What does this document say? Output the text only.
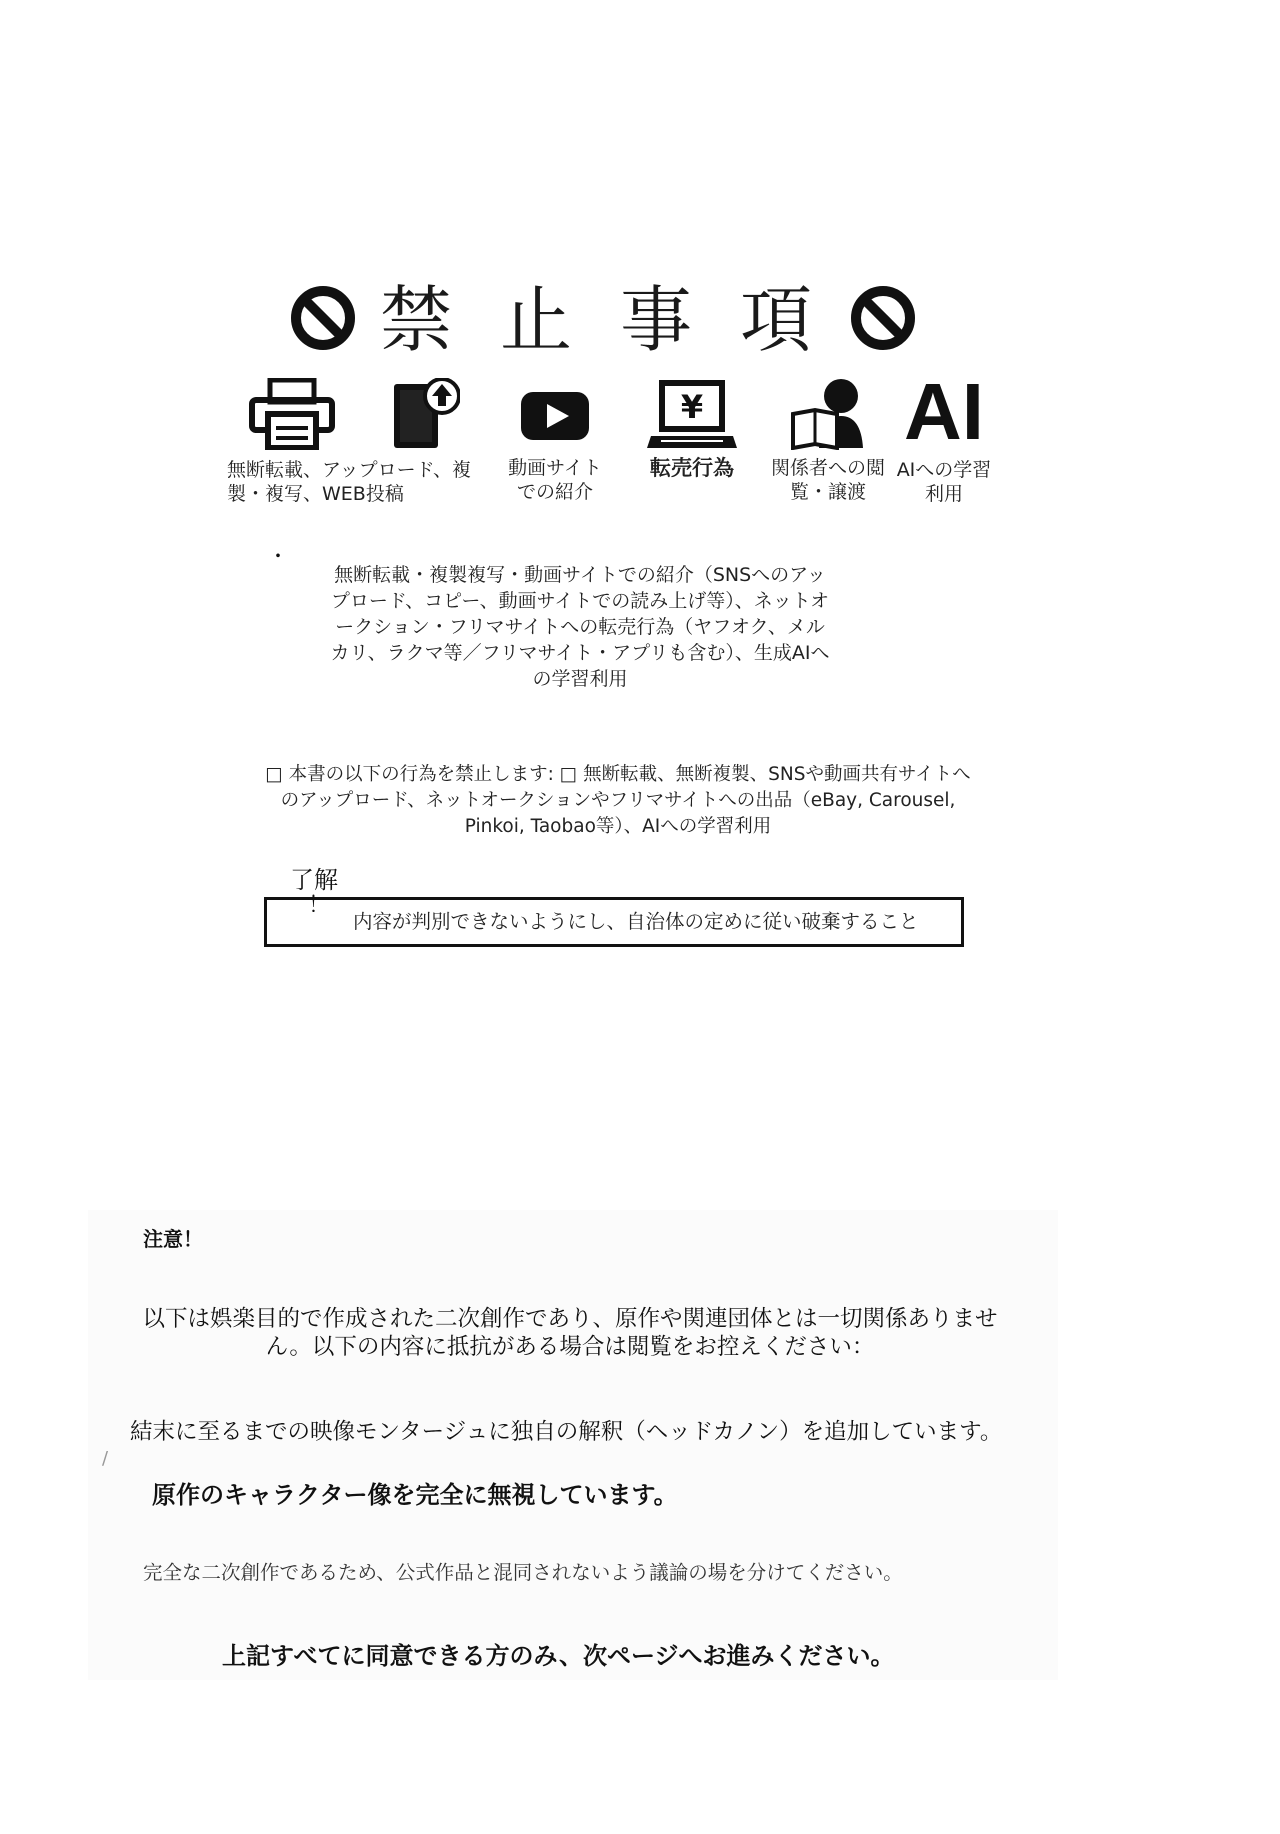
禁止事項
無断転載、アップロード、複製・複写、WEB投稿
動画サイトでの紹介
¥
転売行為	関係者への閲覧・譲渡
AI
AIへの学習利用
・
無断転載・複製複写・動画サイトでの紹介（SNSへのアップロード、コピー、動画サイトでの読み上げ等）、ネットオークション・フリマサイトへの転売行為（ヤフオク、メルカリ、ラクマ等／フリマサイト・アプリも含む）、生成AIへの学習利用
□ 本書の以下の行為を禁止します: □ 無断転載、無断複製、SNSや動画共有サイトへのアップロード、ネットオークションやフリマサイトへの出品（eBay, Carousel, Pinkoi, Taobao等）、AIへの学習利用
了解
内容が判別できないようにし、自治体の定めに従い破棄すること
！
注意！
以下は娯楽目的で作成された二次創作であり、原作や関連団体とは一切関係ありません。以下の内容に抵抗がある場合は閲覧をお控えください：
/
結末に至るまでの映像モンタージュに独自の解釈（ヘッドカノン）を追加しています。
原作のキャラクター像を完全に無視しています。
完全な二次創作であるため、公式作品と混同されないよう議論の場を分けてください。
上記すべてに同意できる方のみ、次ページへお進みください。
